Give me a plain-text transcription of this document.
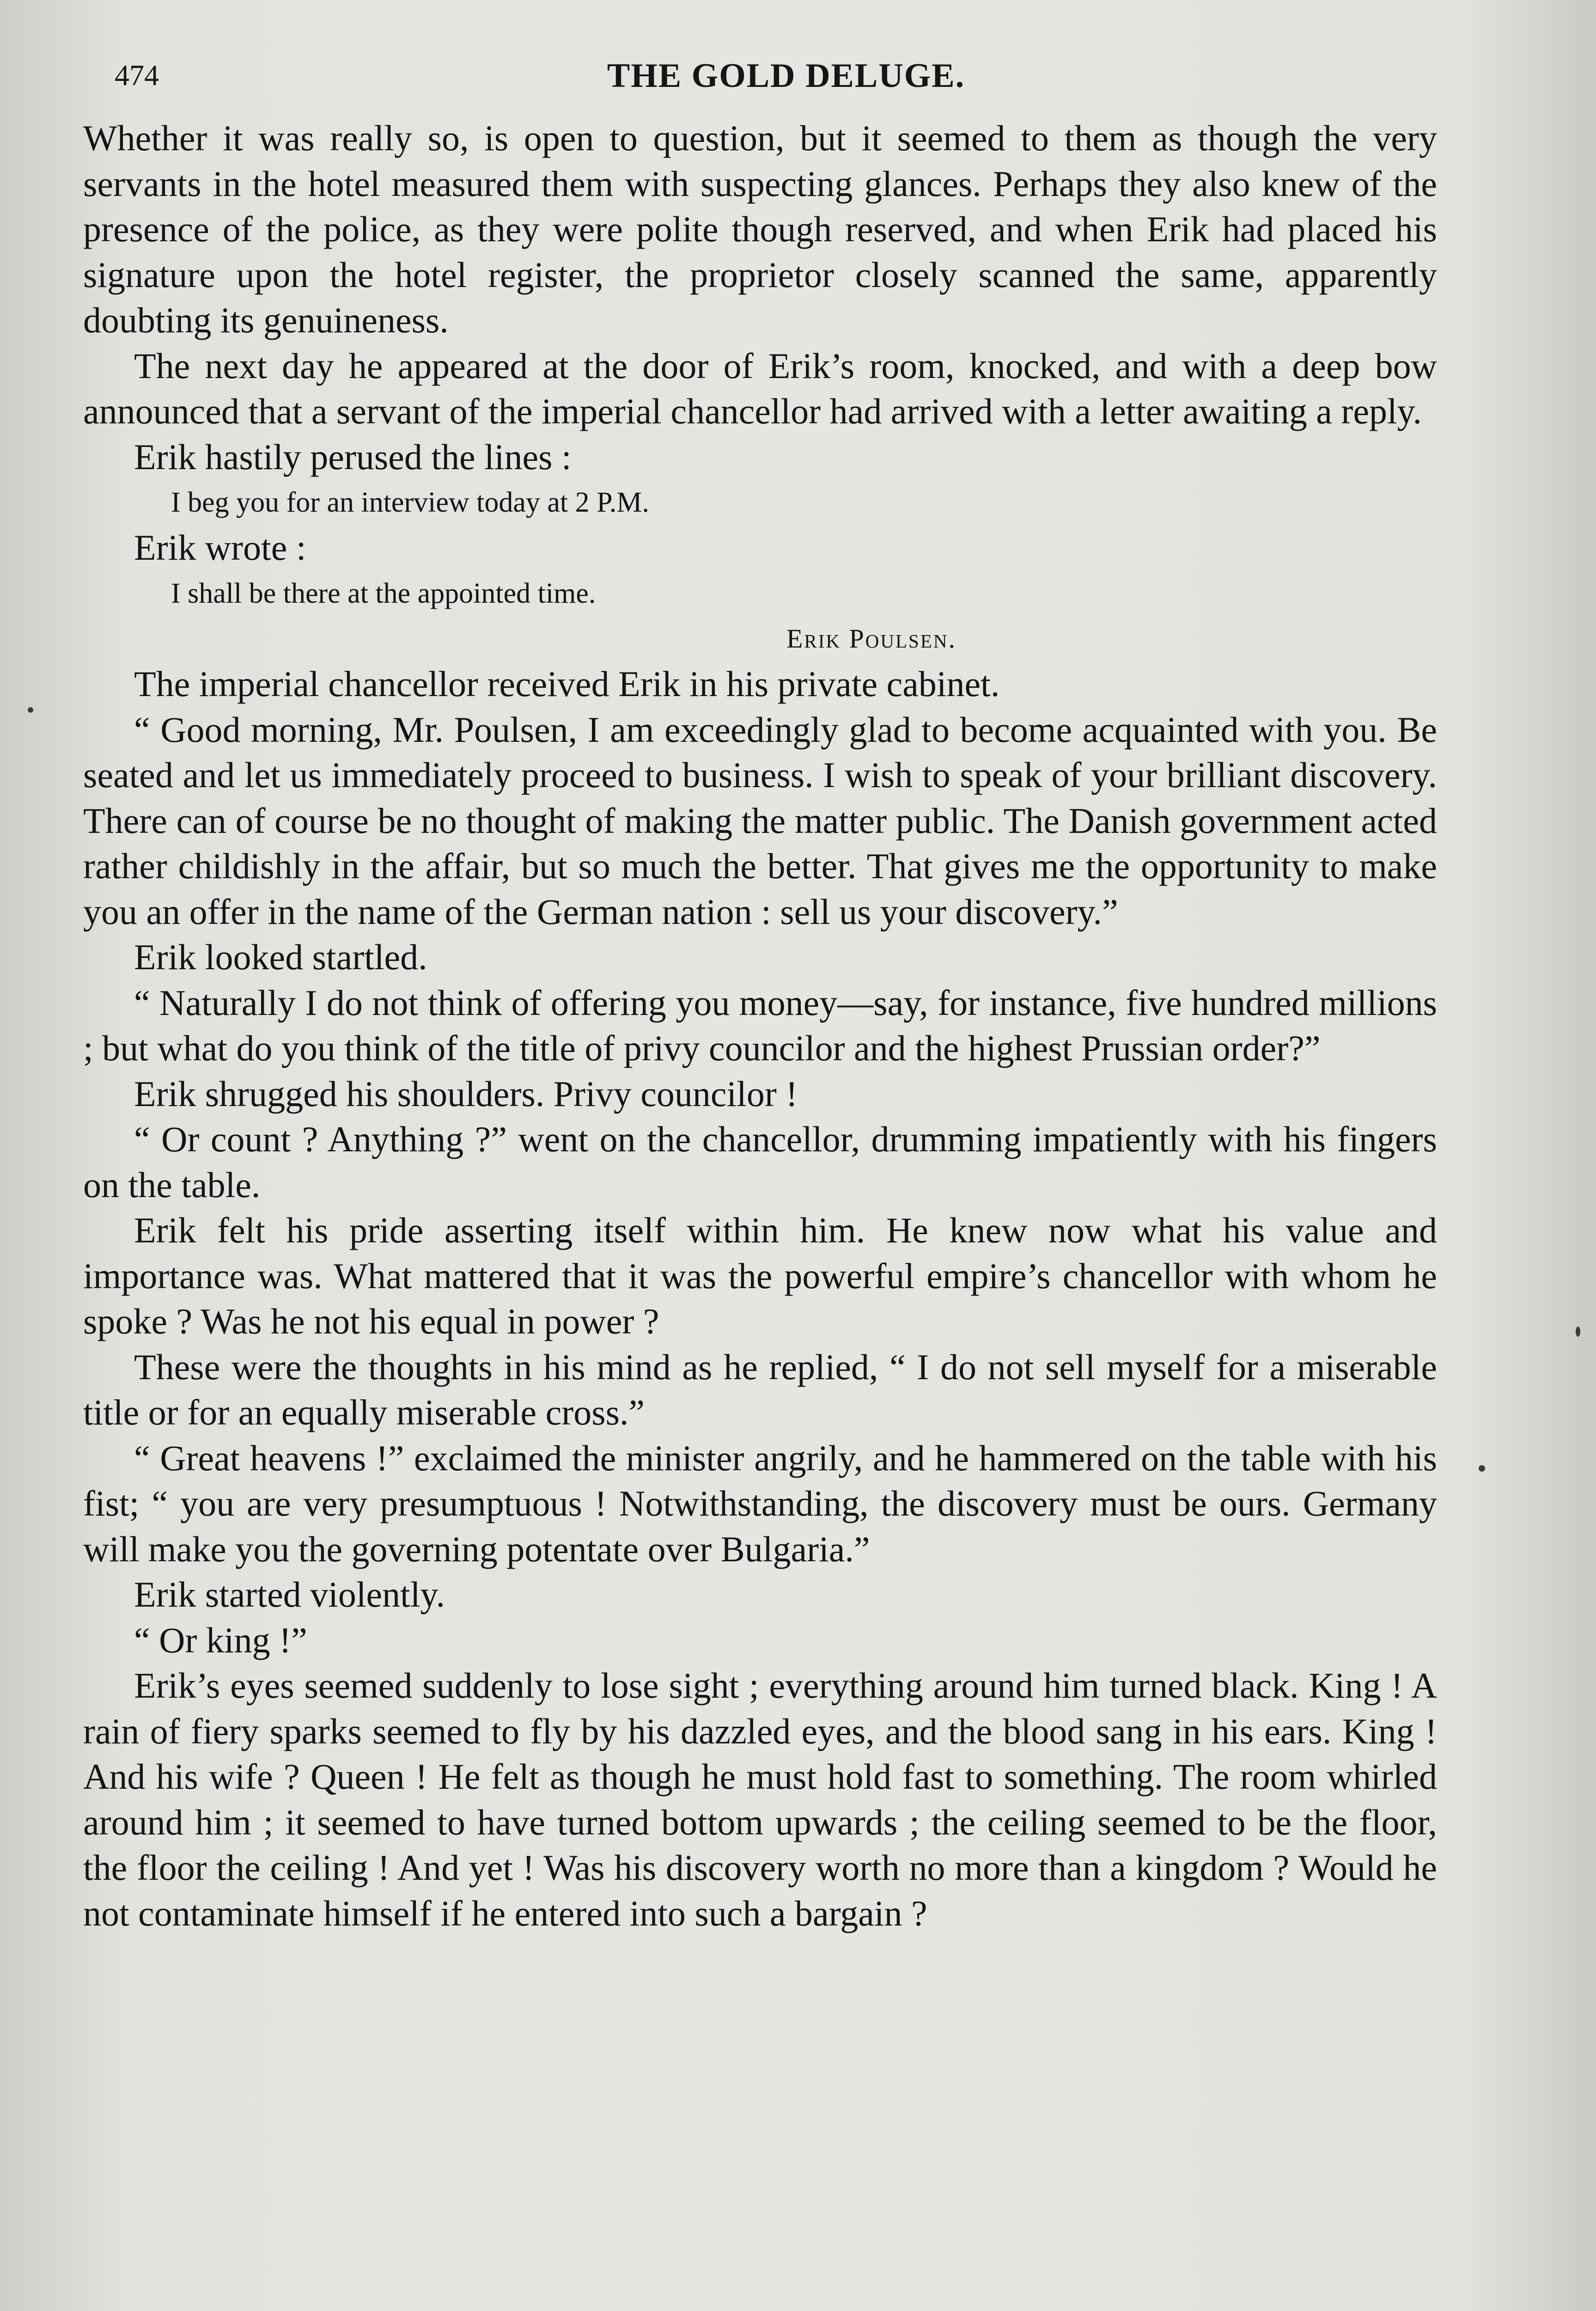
474	THE GOLD DELUGE.

Whether it was really so, is open to question, but it seemed to them as though the very servants in the hotel measured them with suspecting glances. Perhaps they also knew of the presence of the police, as they were polite though reserved, and when Erik had placed his signature upon the hotel register, the proprietor closely scanned the same, apparently doubting its genuineness.

The next day he appeared at the door of Erik’s room, knocked, and with a deep bow announced that a servant of the imperial chancellor had arrived with a letter awaiting a reply.

Erik hastily perused the lines :

I beg you for an interview today at 2 P.M.

Erik wrote :

I shall be there at the appointed time.

Erik Poulsen.

The imperial chancellor received Erik in his private cabinet.

“ Good morning, Mr. Poulsen, I am exceedingly glad to become acquainted with you. Be seated and let us immediately proceed to business. I wish to speak of your brilliant discovery. There can of course be no thought of making the matter public. The Danish government acted rather childishly in the affair, but so much the better. That gives me the opportunity to make you an offer in the name of the German nation : sell us your discovery.”

Erik looked startled.

“ Naturally I do not think of offering you money—say, for instance, five hundred millions ; but what do you think of the title of privy councilor and the highest Prussian order?”

Erik shrugged his shoulders. Privy councilor !

“ Or count ? Anything ?” went on the chancellor, drumming impatiently with his fingers on the table.

Erik felt his pride asserting itself within him. He knew now what his value and importance was. What mattered that it was the powerful empire’s chancellor with whom he spoke ? Was he not his equal in power ?

These were the thoughts in his mind as he replied, “ I do not sell myself for a miserable title or for an equally miserable cross.”

“ Great heavens !” exclaimed the minister angrily, and he hammered on the table with his fist; “ you are very presumptuous ! Notwithstanding, the discovery must be ours. Germany will make you the governing potentate over Bulgaria.”

Erik started violently.

“ Or king !”

Erik’s eyes seemed suddenly to lose sight ; everything around him turned black. King ! A rain of fiery sparks seemed to fly by his dazzled eyes, and the blood sang in his ears. King ! And his wife ? Queen ! He felt as though he must hold fast to something. The room whirled around him ; it seemed to have turned bottom upwards ; the ceiling seemed to be the floor, the floor the ceiling ! And yet ! Was his discovery worth no more than a kingdom ? Would he not contaminate himself if he entered into such a bargain ?
